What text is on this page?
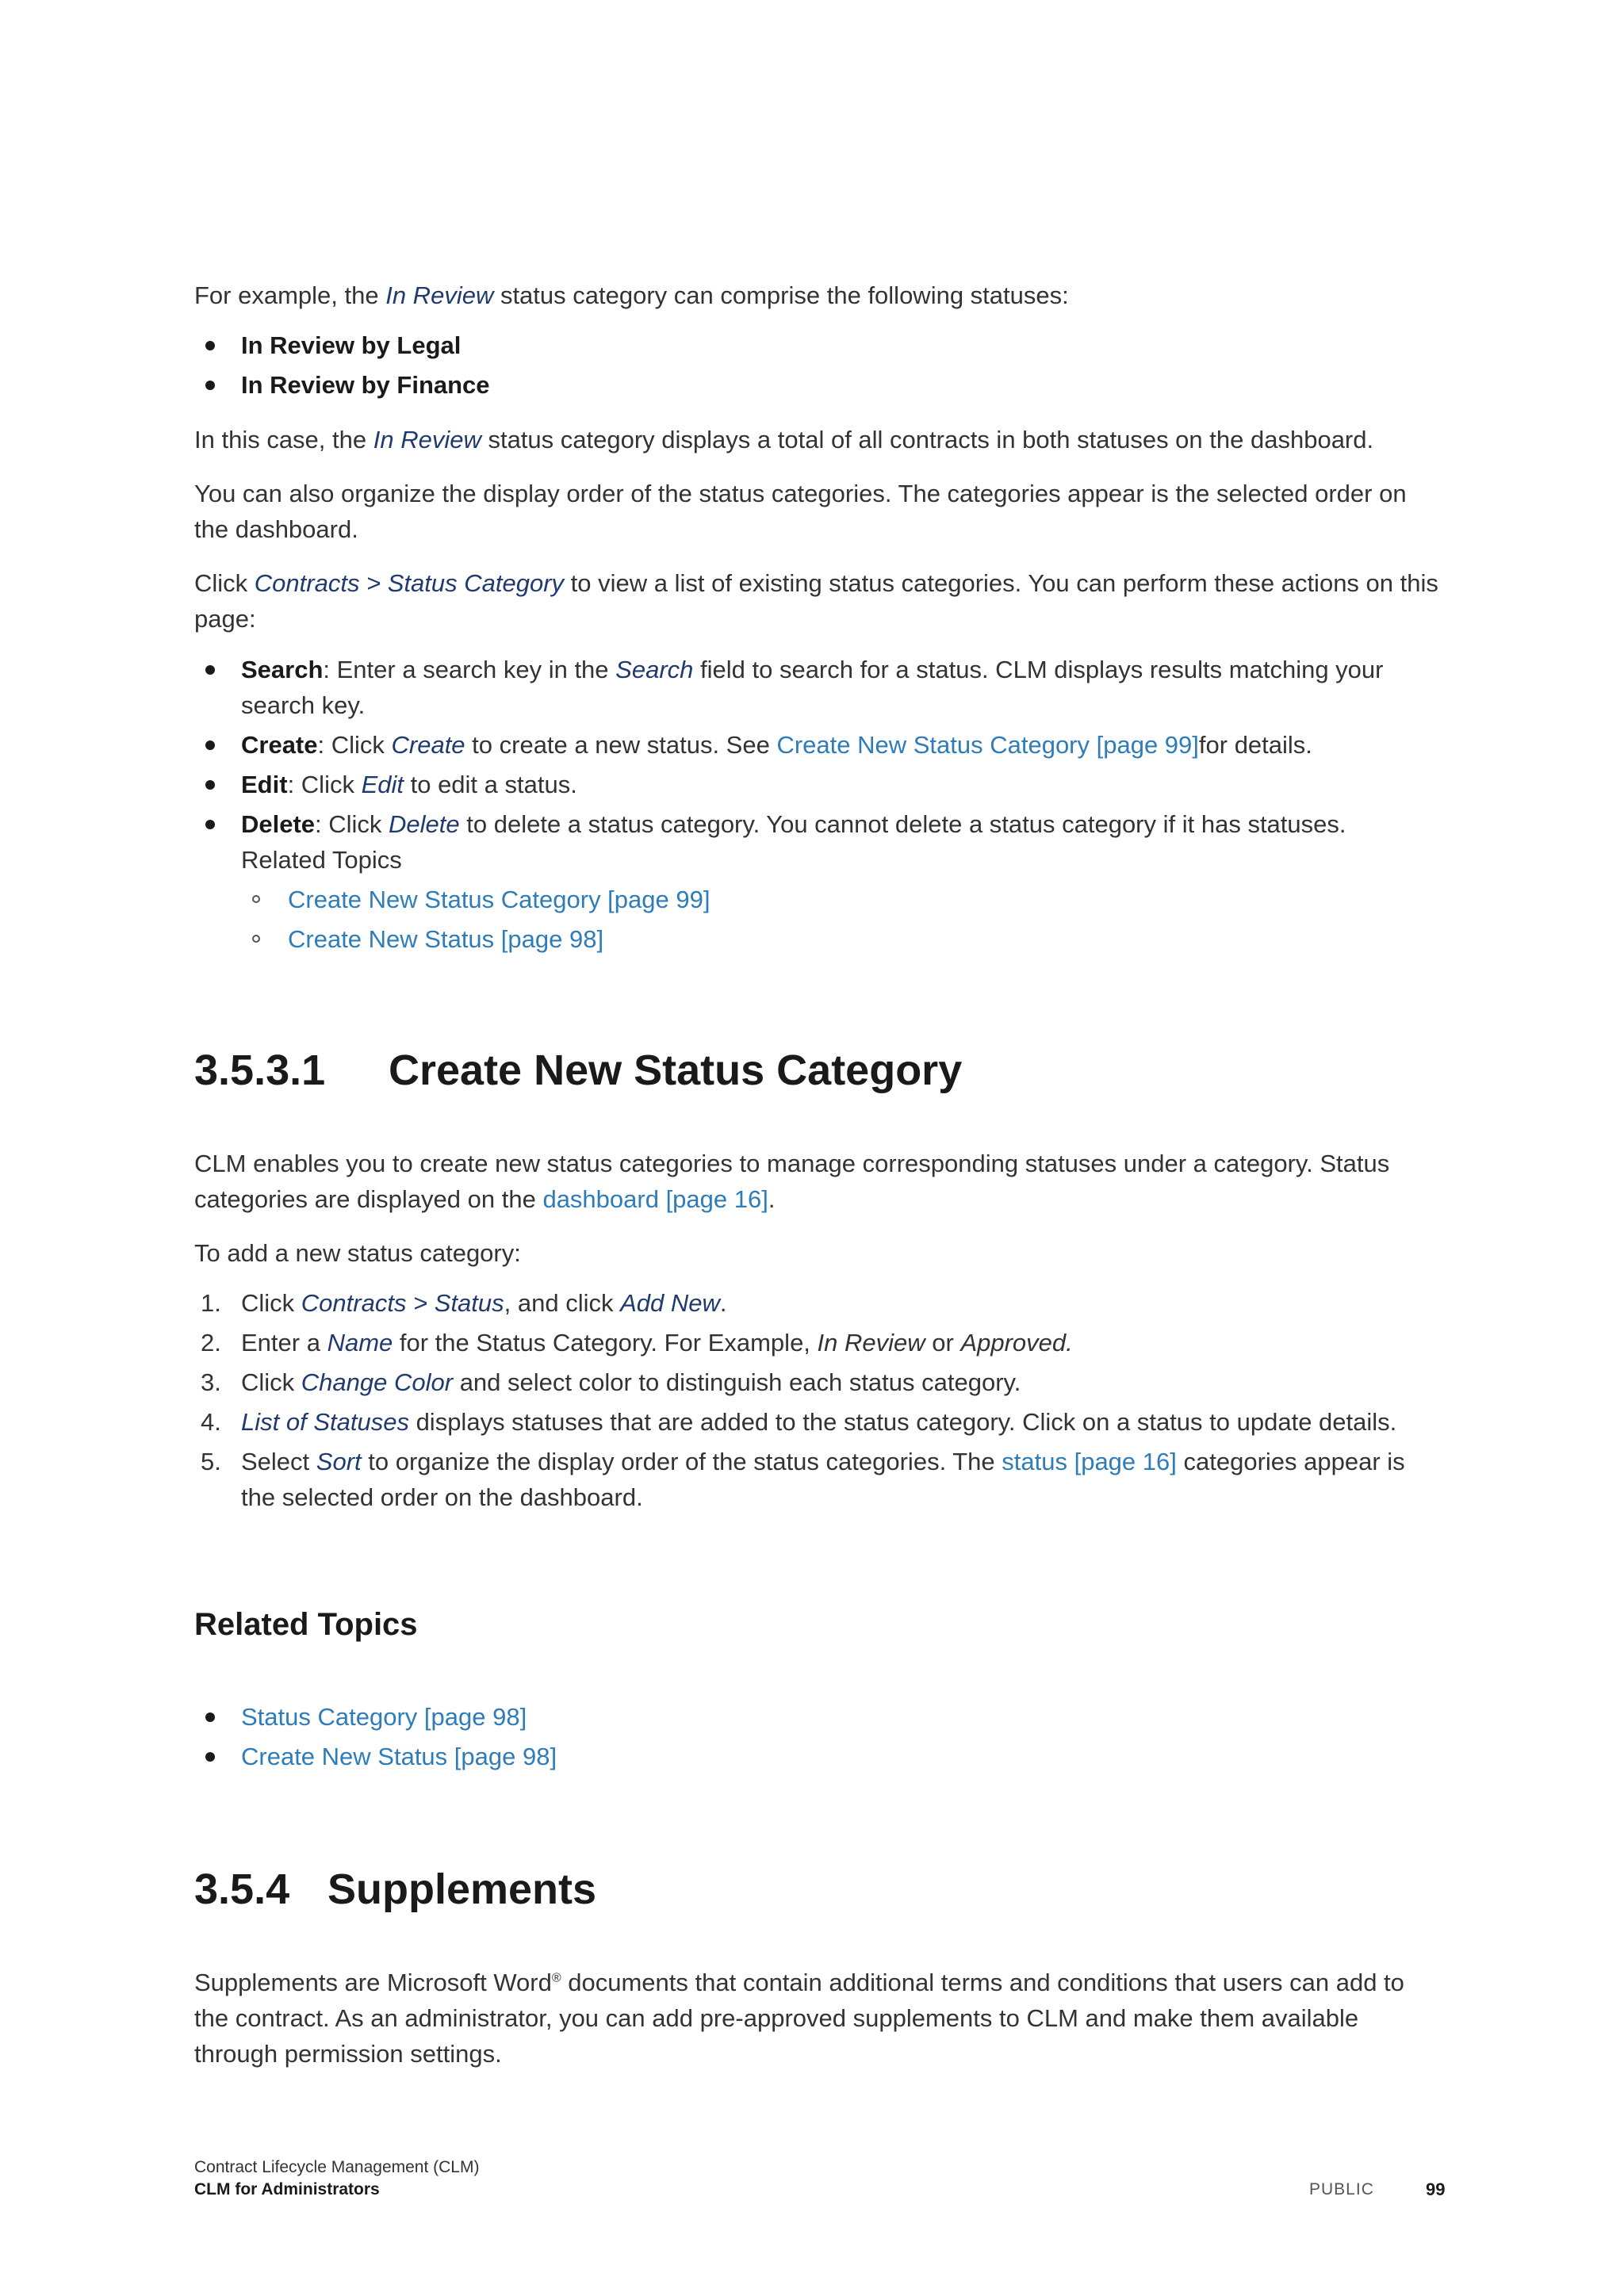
For example, the In Review status category can comprise the following statuses:

In Review by Legal
In Review by Finance

In this case, the In Review status category displays a total of all contracts in both statuses on the dashboard.

You can also organize the display order of the status categories. The categories appear is the selected order on the dashboard.

Click Contracts > Status Category to view a list of existing status categories. You can perform these actions on this page:

Search: Enter a search key in the Search field to search for a status. CLM displays results matching your search key.
Create: Click Create to create a new status. See Create New Status Category [page 99]for details.
Edit: Click Edit to edit a status.
Delete: Click Delete to delete a status category. You cannot delete a status category if it has statuses.
Related Topics
Create New Status Category [page 99]
Create New Status [page 98]
3.5.3.1 Create New Status Category

CLM enables you to create new status categories to manage corresponding statuses under a category. Status categories are displayed on the dashboard [page 16].

To add a new status category:

1. Click Contracts > Status, and click Add New.
2. Enter a Name for the Status Category. For Example, In Review or Approved.
3. Click Change Color and select color to distinguish each status category.
4. List of Statuses displays statuses that are added to the status category. Click on a status to update details.
5. Select Sort to organize the display order of the status categories. The status [page 16] categories appear is the selected order on the dashboard.
Related Topics
Status Category [page 98]
Create New Status [page 98]
3.5.4 Supplements

Supplements are Microsoft Word® documents that contain additional terms and conditions that users can add to the contract. As an administrator, you can add pre-approved supplements to CLM and make them available through permission settings.

Contract Lifecycle Management (CLM)
CLM for Administrators	PUBLIC	99
